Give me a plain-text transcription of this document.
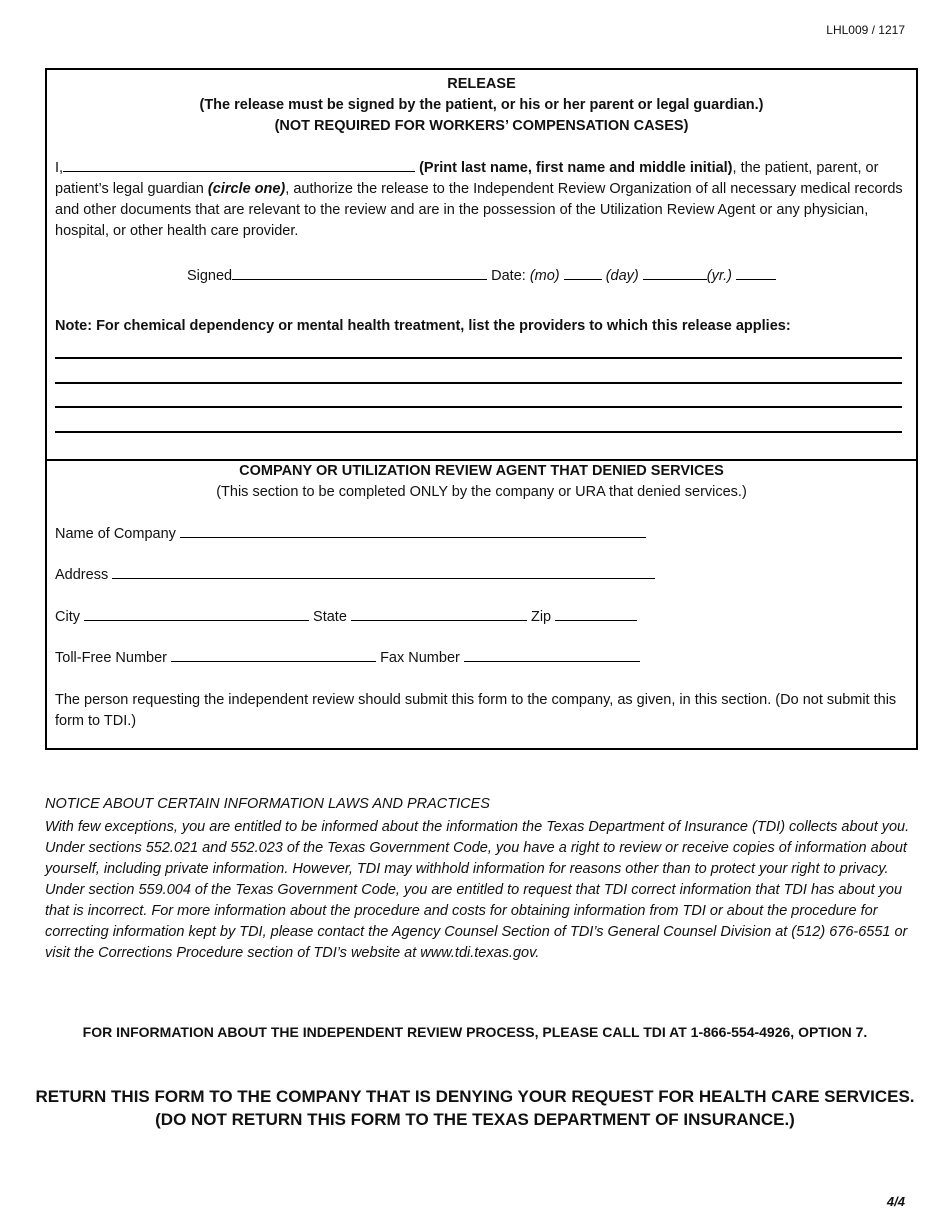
LHL009 / 1217
RELEASE
(The release must be signed by the patient, or his or her parent or legal guardian.)
(NOT REQUIRED FOR WORKERS’ COMPENSATION CASES)
I,	(Print last name, first name and middle initial), the patient, parent, or patient’s legal guardian (circle one), authorize the release to the Independent Review Organization of all necessary medical records and other documents that are relevant to the review and are in the possession of the Utilization Review Agent or any physician, hospital, or other health care provider.
Signed	Date: (mo)	(day)	(yr.)
Note: For chemical dependency or mental health treatment, list the providers to which this release applies:
COMPANY OR UTILIZATION REVIEW AGENT THAT DENIED SERVICES
(This section to be completed ONLY by the company or URA that denied services.)
Name of Company
Address
City	State	Zip
Toll-Free Number	Fax Number
The person requesting the independent review should submit this form to the company, as given, in this section. (Do not submit this form to TDI.)
NOTICE ABOUT CERTAIN INFORMATION LAWS AND PRACTICES
With few exceptions, you are entitled to be informed about the information the Texas Department of Insurance (TDI) collects about you. Under sections 552.021 and 552.023 of the Texas Government Code, you have a right to review or receive copies of information about yourself, including private information. However, TDI may withhold information for reasons other than to protect your right to privacy. Under section 559.004 of the Texas Government Code, you are entitled to request that TDI correct information that TDI has about you that is incorrect. For more information about the procedure and costs for obtaining information from TDI or about the procedure for correcting information kept by TDI, please contact the Agency Counsel Section of TDI’s General Counsel Division at (512) 676-6551 or visit the Corrections Procedure section of TDI’s website at www.tdi.texas.gov.
FOR INFORMATION ABOUT THE INDEPENDENT REVIEW PROCESS, PLEASE CALL TDI AT 1-866-554-4926, OPTION 7.
RETURN THIS FORM TO THE COMPANY THAT IS DENYING YOUR REQUEST FOR HEALTH CARE SERVICES.
(DO NOT RETURN THIS FORM TO THE TEXAS DEPARTMENT OF INSURANCE.)
4/4
